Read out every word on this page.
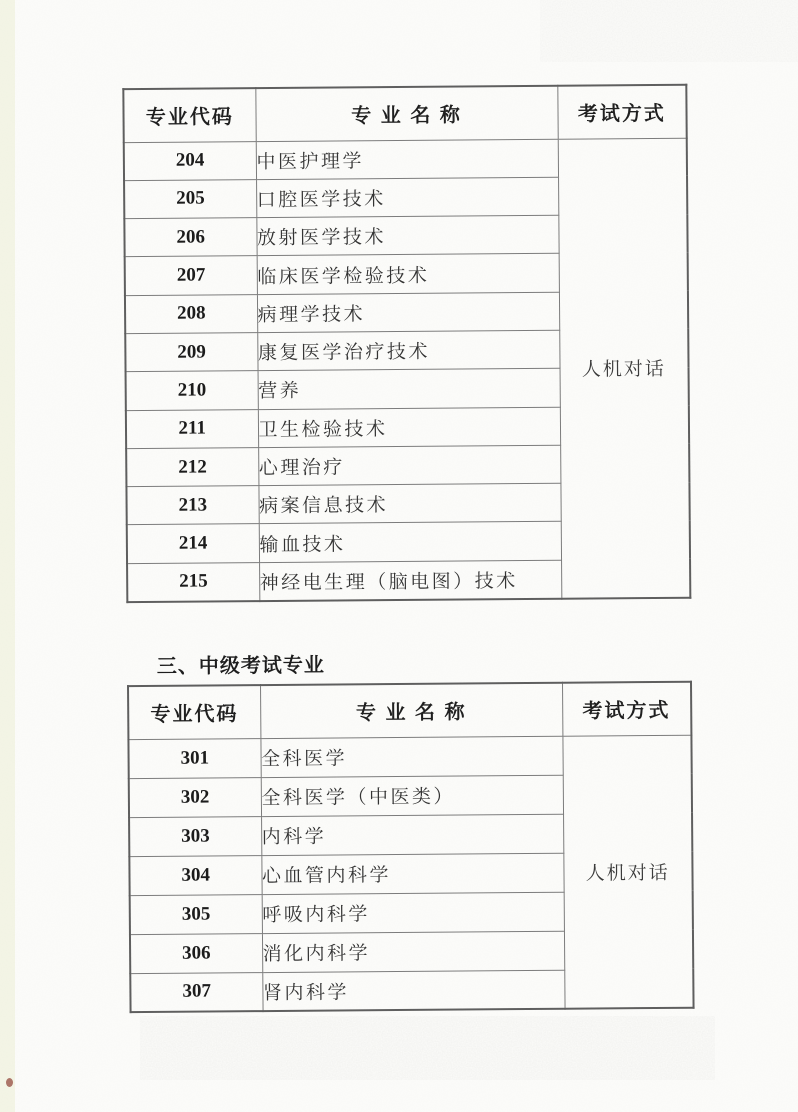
专业代码	专 业 名 称	考试方式
204	中医护理学	人机对话
205	口腔医学技术	
206	放射医学技术	
207	临床医学检验技术	
208	病理学技术	
209	康复医学治疗技术	
210	营养	
211	卫生检验技术	
212	心理治疗	
213	病案信息技术	
214	输血技术	
215	神经电生理（脑电图）技术	
三、中级考试专业
专业代码	专 业 名 称	考试方式
301	全科医学	人机对话
302	全科医学（中医类）	
303	内科学	
304	心血管内科学	
305	呼吸内科学	
306	消化内科学	
307	肾内科学	
